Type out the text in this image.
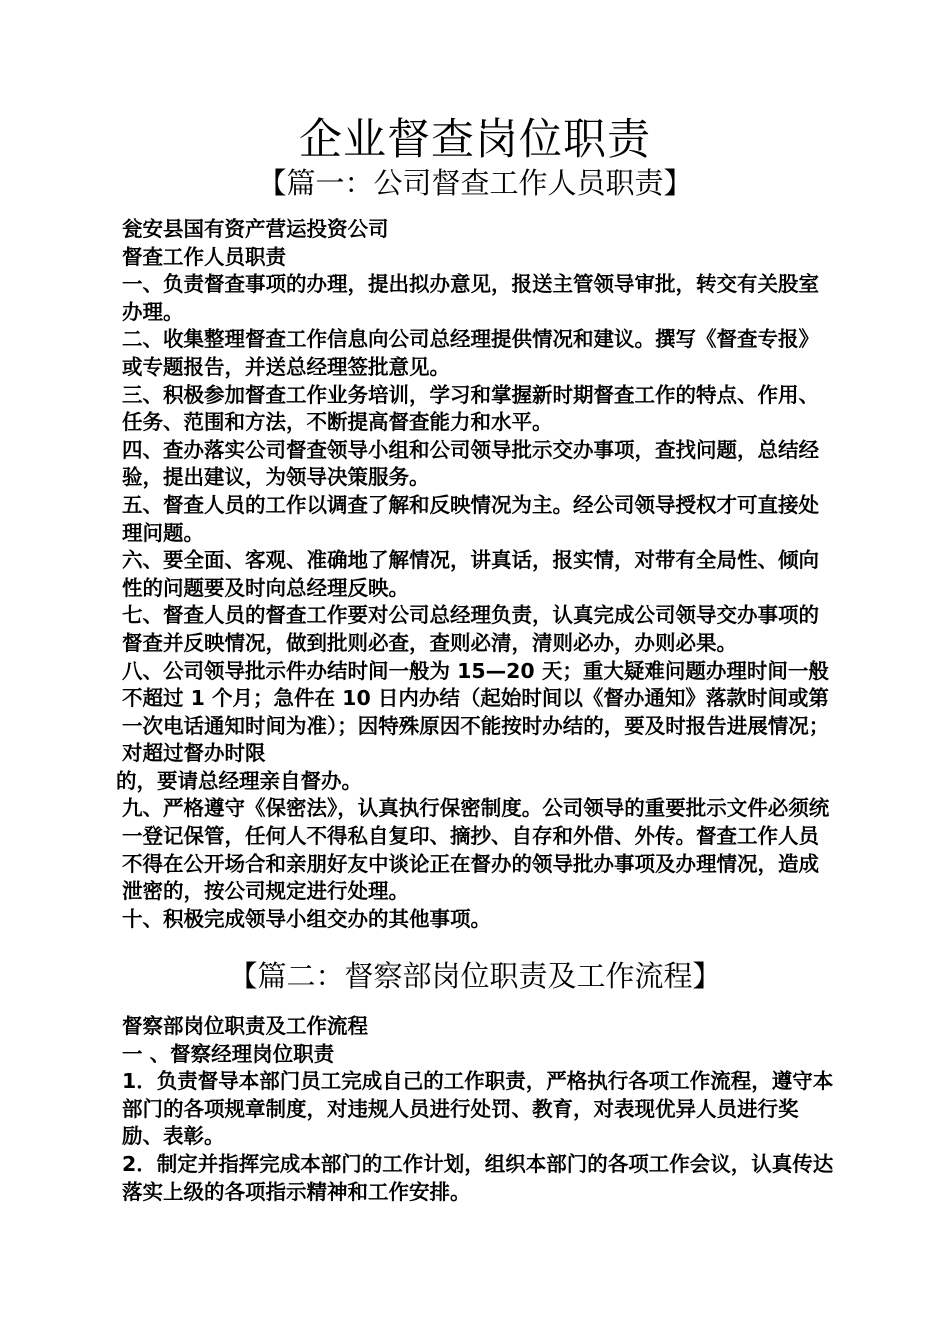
企业督查岗位职责
【篇一：公司督查工作人员职责】

瓮安县国有资产营运投资公司

督查工作人员职责

一、负责督查事项的办理，提出拟办意见，报送主管领导审批，转交有关股室办理。

二、收集整理督查工作信息向公司总经理提供情况和建议。撰写《督查专报》或专题报告，并送总经理签批意见。

三、积极参加督查工作业务培训，学习和掌握新时期督查工作的特点、作用、任务、范围和方法，不断提高督查能力和水平。

四、查办落实公司督查领导小组和公司领导批示交办事项，查找问题，总结经验，提出建议，为领导决策服务。

五、督查人员的工作以调查了解和反映情况为主。经公司领导授权才可直接处理问题。

六、要全面、客观、准确地了解情况，讲真话，报实情，对带有全局性、倾向性的问题要及时向总经理反映。

七、督查人员的督查工作要对公司总经理负责，认真完成公司领导交办事项的督查并反映情况，做到批则必查，查则必清，清则必办，办则必果。

八、公司领导批示件办结时间一般为 15—20 天；重大疑难问题办理时间一般不超过 1 个月；急件在 10 日内办结（起始时间以《督办通知》落款时间或第一次电话通知时间为准）；因特殊原因不能按时办结的，要及时报告进展情况；对超过督办时限

的，要请总经理亲自督办。

九、严格遵守《保密法》，认真执行保密制度。公司领导的重要批示文件必须统一登记保管，任何人不得私自复印、摘抄、自存和外借、外传。督查工作人员不得在公开场合和亲朋好友中谈论正在督办的领导批办事项及办理情况，造成泄密的，按公司规定进行处理。

十、积极完成领导小组交办的其他事项。

【篇二：督察部岗位职责及工作流程】

督察部岗位职责及工作流程

一 、督察经理岗位职责

1．负责督导本部门员工完成自己的工作职责，严格执行各项工作流程，遵守本部门的各项规章制度，对违规人员进行处罚、教育，对表现优异人员进行奖励、表彰。

2．制定并指挥完成本部门的工作计划，组织本部门的各项工作会议，认真传达落实上级的各项指示精神和工作安排。
